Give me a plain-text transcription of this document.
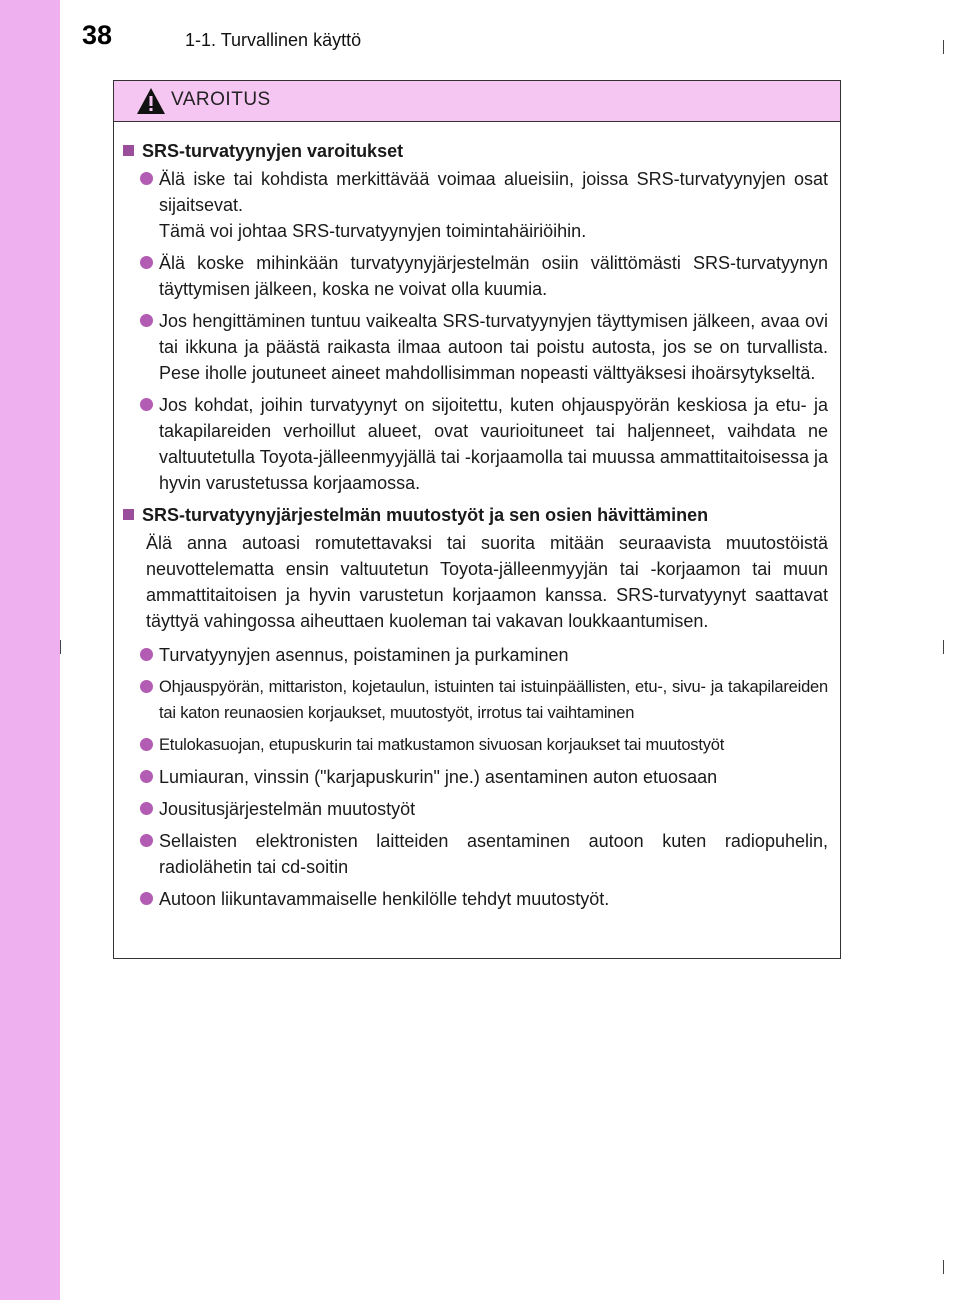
38	1-1. Turvallinen käyttö
VAROITUS
SRS-turvatyynyjen varoitukset
Älä iske tai kohdista merkittävää voimaa alueisiin, joissa SRS-turvatyynyjen osat sijaitsevat.
Tämä voi johtaa SRS-turvatyynyjen toimintahäiriöihin.
Älä koske mihinkään turvatyynyjärjestelmän osiin välittömästi SRS-turvatyynyn täyttymisen jälkeen, koska ne voivat olla kuumia.
Jos hengittäminen tuntuu vaikealta SRS-turvatyynyjen täyttymisen jälkeen, avaa ovi tai ikkuna ja päästä raikasta ilmaa autoon tai poistu autosta, jos se on turvallista. Pese iholle joutuneet aineet mahdollisimman nopeasti välttyäksesi ihoärsytykseltä.
Jos kohdat, joihin turvatyynyt on sijoitettu, kuten ohjauspyörän keskiosa ja etu- ja takapilareiden verhoillut alueet, ovat vaurioituneet tai haljenneet, vaihdata ne valtuutetulla Toyota-jälleenmyyjällä tai -korjaamolla tai muussa ammattitaitoisessa ja hyvin varustetussa korjaamossa.
SRS-turvatyynyjärjestelmän muutostyöt ja sen osien hävittäminen
Älä anna autoasi romutettavaksi tai suorita mitään seuraavista muutostöistä neuvottelematta ensin valtuutetun Toyota-jälleenmyyjän tai -korjaamon tai muun ammattitaitoisen ja hyvin varustetun korjaamon kanssa. SRS-turvatyynyt saattavat täyttyä vahingossa aiheuttaen kuoleman tai vakavan loukkaantumisen.
Turvatyynyjen asennus, poistaminen ja purkaminen
Ohjauspyörän, mittariston, kojetaulun, istuinten tai istuinpäällisten, etu-, sivu- ja takapilareiden tai katon reunaosien korjaukset, muutostyöt, irrotus tai vaihtaminen
Etulokasuojan, etupuskurin tai matkustamon sivuosan korjaukset tai muutostyöt
Lumiauran, vinssin ("karjapuskurin" jne.) asentaminen auton etuosaan
Jousitusjärjestelmän muutostyöt
Sellaisten elektronisten laitteiden asentaminen autoon kuten radiopuhelin, radiolähetin tai cd-soitin
Autoon liikuntavammaiselle henkilölle tehdyt muutostyöt.
